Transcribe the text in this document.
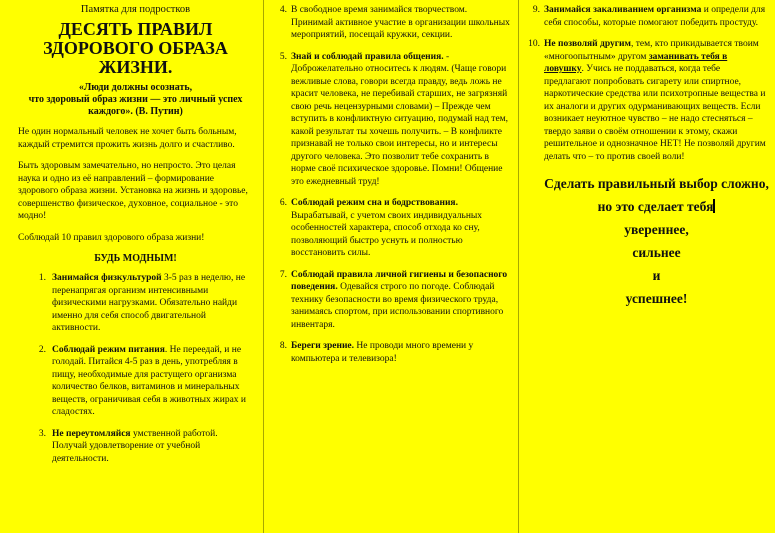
Памятка для подростков
ДЕСЯТЬ ПРАВИЛ
ЗДОРОВОГО ОБРАЗА
ЖИЗНИ.
«Люди должны осознать,
что здоровый образ жизни — это личный успех
каждого». (В. Путин)
Не один нормальный человек не хочет быть больным, каждый стремится прожить жизнь долго и счастливо.
Быть здоровым замечательно, но непросто. Это целая наука и одно из её направлений – формирование здорового образа жизни. Установка на жизнь и здоровье, совершенство физическое, духовное, социальное - это модно!
Соблюдай 10 правил здорового образа жизни!
БУДЬ МОДНЫМ!
1. Занимайся физкультурой 3-5 раз в неделю, не перенапрягая организм интенсивными физическими нагрузками. Обязательно найди именно для себя способ двигательной активности.
2. Соблюдай режим питания. Не переедай, и не голодай. Питайся 4-5 раз в день, употребляя в пищу, необходимые для растущего организма количество белков, витаминов и минеральных веществ, ограничивая себя в животных жирах и сладостях.
3. Не переутомляйся умственной работой. Получай удовлетворение от учебной деятельности.
4. В свободное время занимайся творчеством. Принимай активное участие в организации школьных мероприятий, посещай кружки, секции.
5. Знай и соблюдай правила общения. - Доброжелательно относитесь к людям. (Чаще говори вежливые слова, говори всегда правду, ведь ложь не красит человека, не перебивай старших, не загрязняй свою речь нецензурными словами) – Прежде чем вступить в конфликтную ситуацию, подумай над тем, какой результат ты хочешь получить. – В конфликте признавай не только свои интересы, но и интересы другого человека. Это позволит тебе сохранить в норме своё психическое здоровье. Помни! Общение это ежедневный труд!
6. Соблюдай режим сна и бодрствования. Вырабатывай, с учетом своих индивидуальных особенностей характера, способ отхода ко сну, позволяющий быстро уснуть и полностью восстановить силы.
7. Соблюдай правила личной гигиены и безопасного поведения. Одевайся строго по погоде. Соблюдай технику безопасности во время физического труда, занимаясь спортом, при использовании спортивного инвентаря.
8. Береги зрение. Не проводи много времени у компьютера и телевизора!
9. Занимайся закаливанием организма и определи для себя способы, которые помогают победить простуду.
10. Не позволяй другим, тем, кто прикидывается твоим «многоопытным» другом заманивать тебя в ловушку. Учись не поддаваться, когда тебе предлагают попробовать сигарету или спиртное, наркотические средства или психотропные вещества и их аналоги и других одурманивающих веществ. Если возникает неуютное чувство – не надо стесняться – твердо заяви о своём отношении к этому, скажи решительное и однозначное НЕТ! Не позволяй другим делать что – то против своей воли!
Сделать правильный выбор сложно,
но это сделает тебя
увереннее,
сильнее
и
успешнее!
